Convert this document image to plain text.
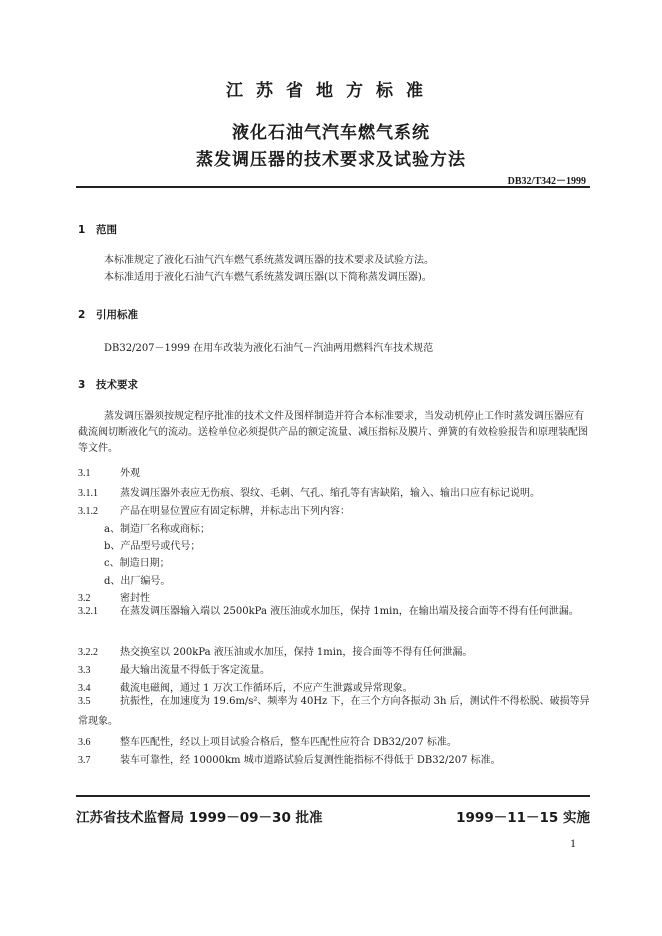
江苏省地方标准
液化石油气汽车燃气系统
蒸发调压器的技术要求及试验方法
DB32/T342－1999
1 范围
本标准规定了液化石油气汽车燃气系统蒸发调压器的技术要求及试验方法。
本标准适用于液化石油气汽车燃气系统蒸发调压器(以下简称蒸发调压器)。
2 引用标准
DB32/207－1999 在用车改装为液化石油气－汽油两用燃料汽车技术规范
3 技术要求
蒸发调压器须按规定程序批准的技术文件及图样制造并符合本标准要求，当发动机停止工作时蒸发调压器应有截流阀切断液化气的流动。送检单位必须提供产品的额定流量、减压指标及膜片、弹簧的有效检验报告和原理装配图等文件。
3.1	外观
3.1.1 蒸发调压器外表应无伤痕、裂纹、毛刺、气孔、缩孔等有害缺陷，输入、输出口应有标记说明。
3.1.2 产品在明显位置应有固定标牌，并标志出下列内容：
a、制造厂名称或商标；
b、产品型号或代号；
c、制造日期；
d、出厂编号。
3.2	密封性
3.2.1 在蒸发调压器输入端以 2500kPa 液压油或水加压，保持 1min，在输出端及接合面等不得有任何泄漏。
3.2.2 热交换室以 200kPa 液压油或水加压，保持 1min，接合面等不得有任何泄漏。
3.3	最大输出流量不得低于客定流量。
3.4	截流电磁阀，通过 1 万次工作循环后，不应产生泄露或异常现象。
3.5	抗振性，在加速度为 19.6m/s²、频率为 40Hz 下，在三个方向各振动 3h 后，测试件不得松脱、破损等异常现象。
3.6	整车匹配性，经以上项目试验合格后，整车匹配性应符合 DB32/207 标准。
3.7	装车可靠性，经 10000km 城市道路试验后复测性能指标不得低于 DB32/207 标准。
江苏省技术监督局 1999－09－30 批准	1999－11－15 实施
1
